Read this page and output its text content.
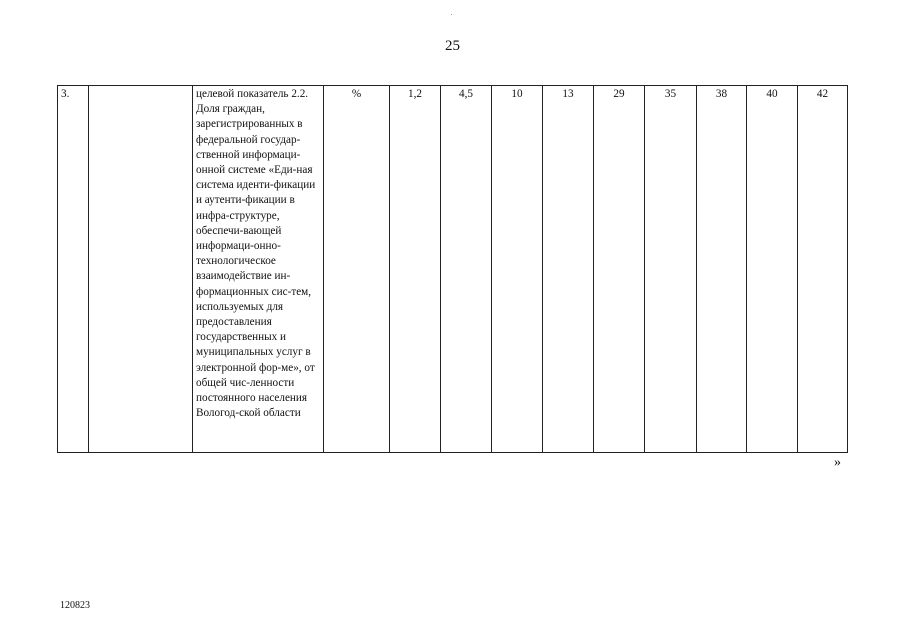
25
3.		целевой показатель 2.2. Доля граждан, зарегистрированных в федеральной государ-ственной информаци-онной системе «Еди-ная система иденти-фикации и аутенти-фикации в инфра-структуре, обеспечи-вающей информаци-онно-технологическое взаимодействие ин-формационных сис-тем, используемых для предоставления государственных и муниципальных услуг в электронной фор-ме», от общей чис-ленности постоянного населения Вологод-ской области	%	1,2	4,5	10	13	29	35	38	40	42
»
120823
